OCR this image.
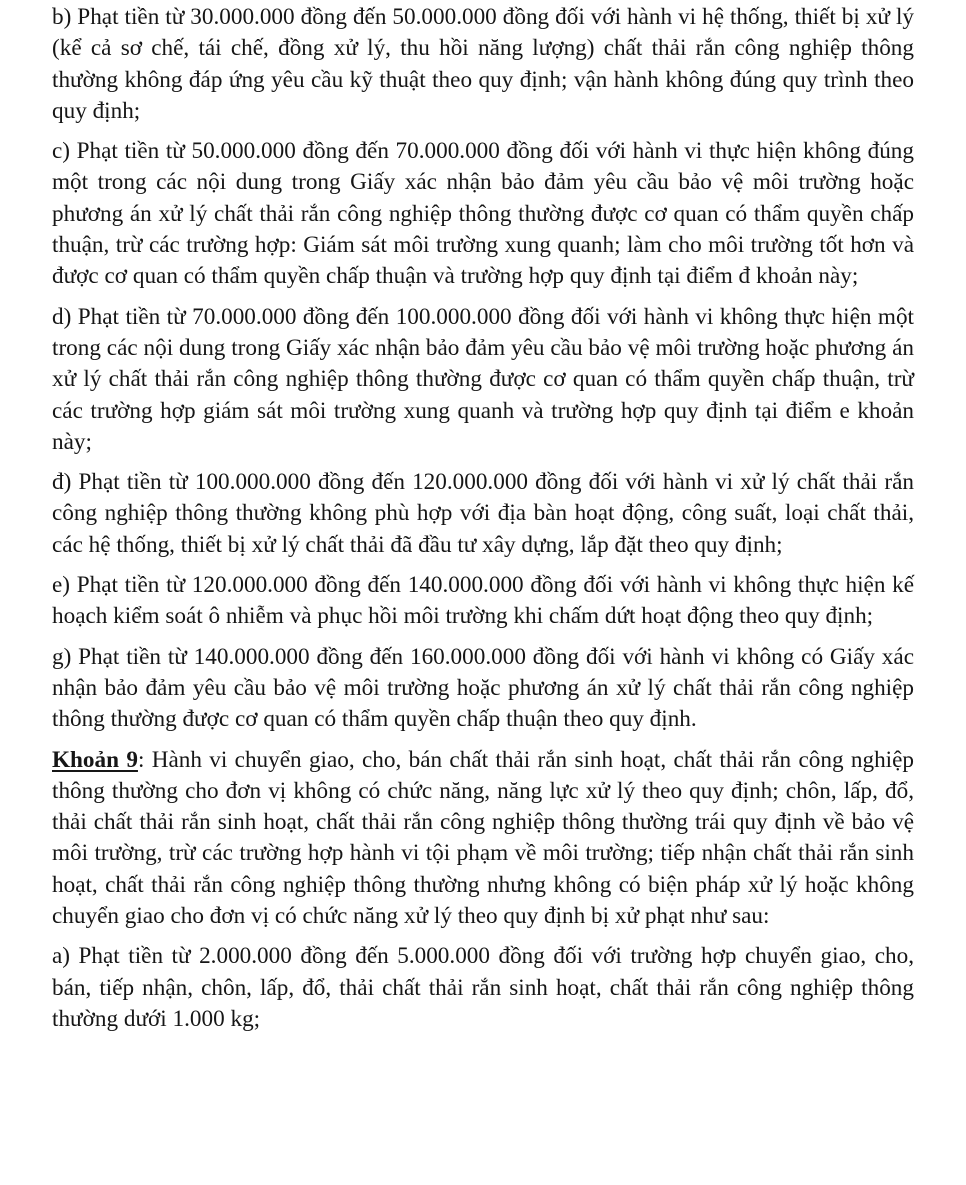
b) Phạt tiền từ 30.000.000 đồng đến 50.000.000 đồng đối với hành vi hệ thống, thiết bị xử lý (kể cả sơ chế, tái chế, đồng xử lý, thu hồi năng lượng) chất thải rắn công nghiệp thông thường không đáp ứng yêu cầu kỹ thuật theo quy định; vận hành không đúng quy trình theo quy định;

c) Phạt tiền từ 50.000.000 đồng đến 70.000.000 đồng đối với hành vi thực hiện không đúng một trong các nội dung trong Giấy xác nhận bảo đảm yêu cầu bảo vệ môi trường hoặc phương án xử lý chất thải rắn công nghiệp thông thường được cơ quan có thẩm quyền chấp thuận, trừ các trường hợp: Giám sát môi trường xung quanh; làm cho môi trường tốt hơn và được cơ quan có thẩm quyền chấp thuận và trường hợp quy định tại điểm đ khoản này;

d) Phạt tiền từ 70.000.000 đồng đến 100.000.000 đồng đối với hành vi không thực hiện một trong các nội dung trong Giấy xác nhận bảo đảm yêu cầu bảo vệ môi trường hoặc phương án xử lý chất thải rắn công nghiệp thông thường được cơ quan có thẩm quyền chấp thuận, trừ các trường hợp giám sát môi trường xung quanh và trường hợp quy định tại điểm e khoản này;

đ) Phạt tiền từ 100.000.000 đồng đến 120.000.000 đồng đối với hành vi xử lý chất thải rắn công nghiệp thông thường không phù hợp với địa bàn hoạt động, công suất, loại chất thải, các hệ thống, thiết bị xử lý chất thải đã đầu tư xây dựng, lắp đặt theo quy định;

e) Phạt tiền từ 120.000.000 đồng đến 140.000.000 đồng đối với hành vi không thực hiện kế hoạch kiểm soát ô nhiễm và phục hồi môi trường khi chấm dứt hoạt động theo quy định;

g) Phạt tiền từ 140.000.000 đồng đến 160.000.000 đồng đối với hành vi không có Giấy xác nhận bảo đảm yêu cầu bảo vệ môi trường hoặc phương án xử lý chất thải rắn công nghiệp thông thường được cơ quan có thẩm quyền chấp thuận theo quy định.

Khoản 9: Hành vi chuyển giao, cho, bán chất thải rắn sinh hoạt, chất thải rắn công nghiệp thông thường cho đơn vị không có chức năng, năng lực xử lý theo quy định; chôn, lấp, đổ, thải chất thải rắn sinh hoạt, chất thải rắn công nghiệp thông thường trái quy định về bảo vệ môi trường, trừ các trường hợp hành vi tội phạm về môi trường; tiếp nhận chất thải rắn sinh hoạt, chất thải rắn công nghiệp thông thường nhưng không có biện pháp xử lý hoặc không chuyển giao cho đơn vị có chức năng xử lý theo quy định bị xử phạt như sau:

a) Phạt tiền từ 2.000.000 đồng đến 5.000.000 đồng đối với trường hợp chuyển giao, cho, bán, tiếp nhận, chôn, lấp, đổ, thải chất thải rắn sinh hoạt, chất thải rắn công nghiệp thông thường dưới 1.000 kg;
